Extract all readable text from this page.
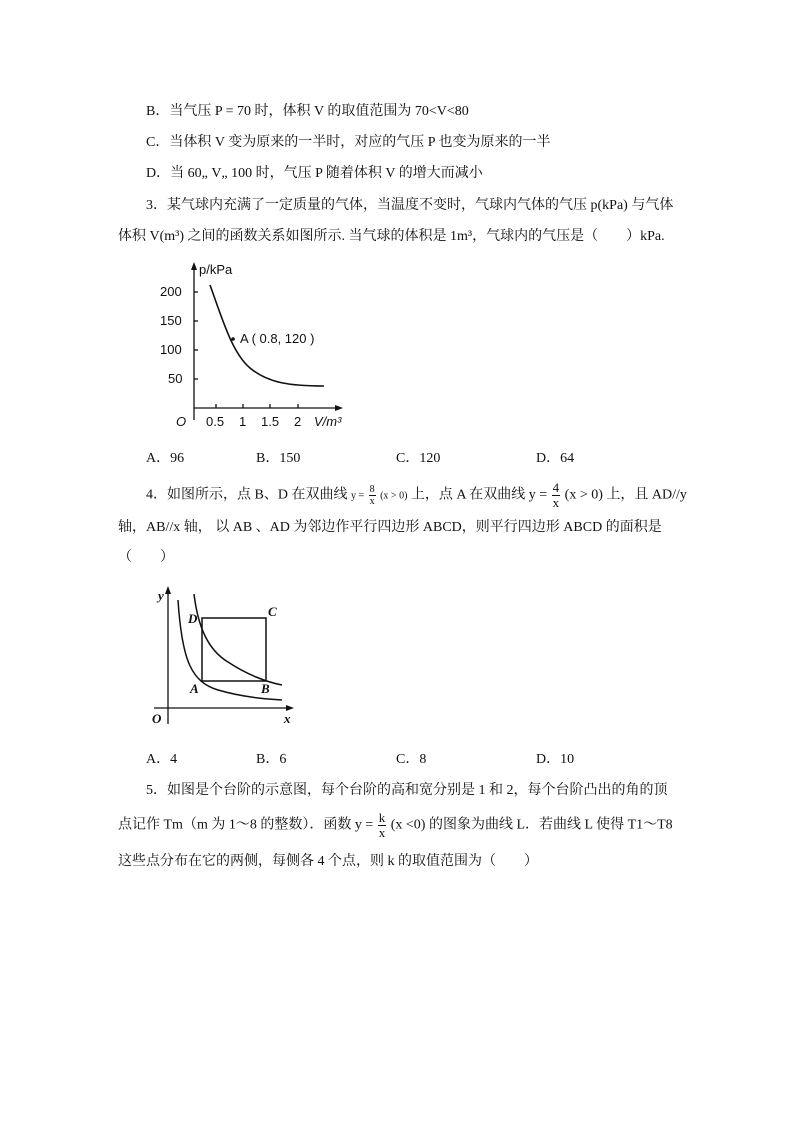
B．当气压 P = 70 时，体积 V 的取值范围为 70<V<80
C．当体积 V 变为原来的一半时，对应的气压 P 也变为原来的一半
D．当 60„ V„ 100 时，气压 P 随着体积 V 的增大而减小
3．某气球内充满了一定质量的气体，当温度不变时，气球内气体的气压 p(kPa) 与气体
体积 V(m³) 之间的函数关系如图所示. 当气球的体积是 1m³，气球内的气压是（　　）kPa.
p/kPa
200
150
100
50
O 0.5 1 1.5 2 V/m³
A ( 0.8, 120 )
A．96	B．150	C．120	D．64
4．如图所示，点 B、D 在双曲线 $y = \frac{8}{x} (x > 0)$ 上，点 A 在双曲线 $y = \frac{4}{x} (x > 0)$ 上，且 AD//y
轴，AB//x 轴， 以 AB 、AD 为邻边作平行四边形 ABCD，则平行四边形 ABCD 的面积是
（　　）
y
D	C
A	B
O	x
A．4	B．6	C．8	D．10
5．如图是个台阶的示意图，每个台阶的高和宽分别是 1 和 2，每个台阶凸出的角的顶
点记作 Tm（m 为 1～8 的整数）．函数 $y = \frac{k}{x} (x <0)$ 的图象为曲线 L．若曲线 L 使得 T1～T8
这些点分布在它的两侧，每侧各 4 个点，则 k 的取值范围为（　　）
